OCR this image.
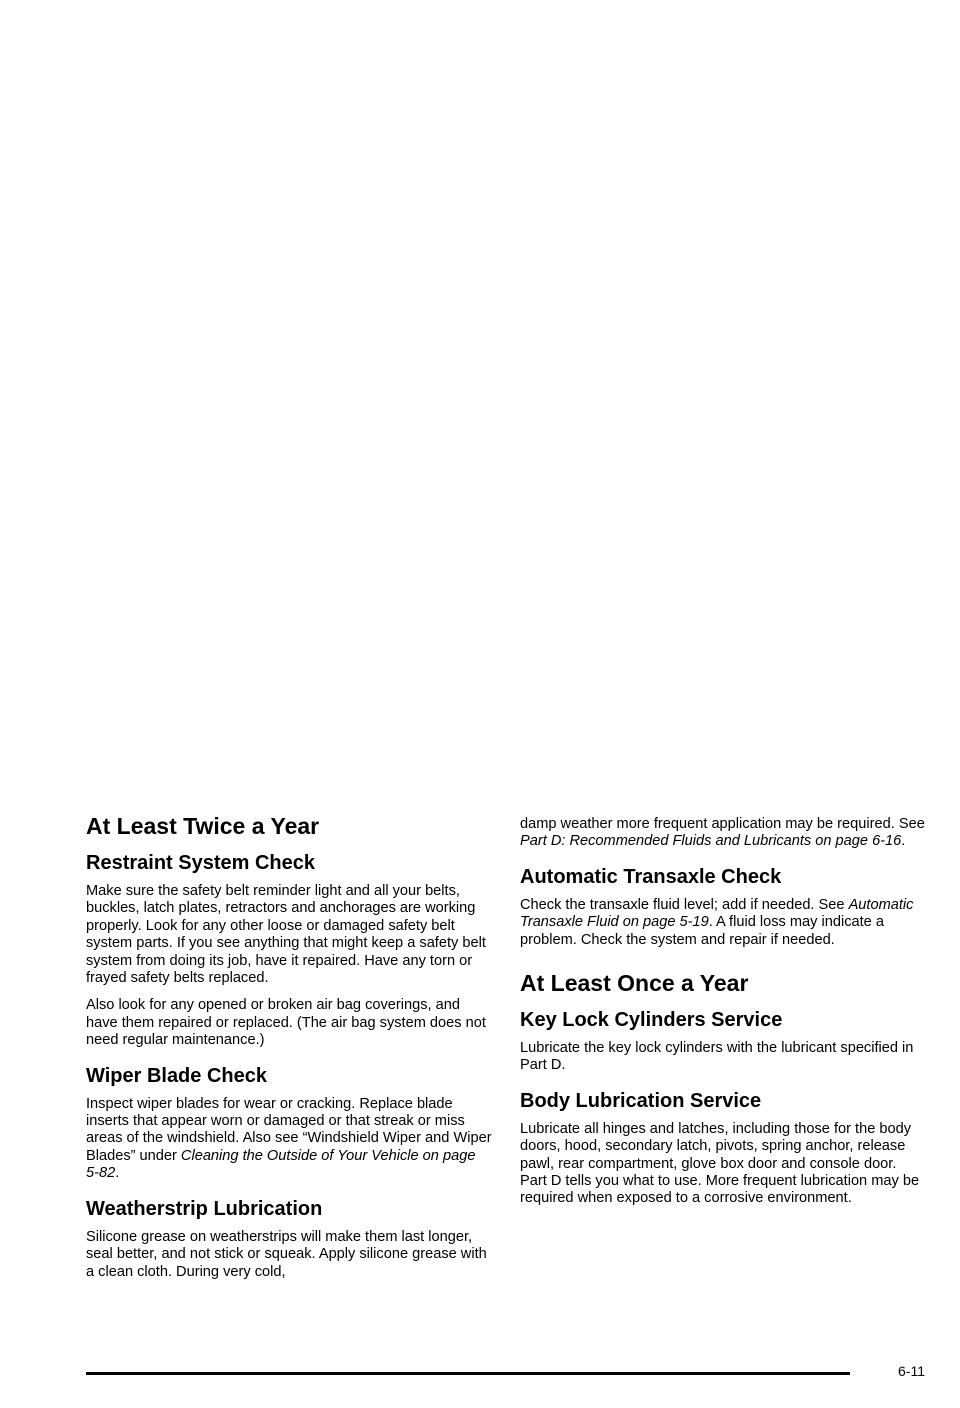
At Least Twice a Year
Restraint System Check

Make sure the safety belt reminder light and all your belts, buckles, latch plates, retractors and anchorages are working properly. Look for any other loose or damaged safety belt system parts. If you see anything that might keep a safety belt system from doing its job, have it repaired. Have any torn or frayed safety belts replaced.

Also look for any opened or broken air bag coverings, and have them repaired or replaced. (The air bag system does not need regular maintenance.)

Wiper Blade Check

Inspect wiper blades for wear or cracking. Replace blade inserts that appear worn or damaged or that streak or miss areas of the windshield. Also see “Windshield Wiper and Wiper Blades” under Cleaning the Outside of Your Vehicle on page 5-82.

Weatherstrip Lubrication

Silicone grease on weatherstrips will make them last longer, seal better, and not stick or squeak. Apply silicone grease with a clean cloth. During very cold,

damp weather more frequent application may be required. See Part D: Recommended Fluids and Lubricants on page 6-16.

Automatic Transaxle Check

Check the transaxle fluid level; add if needed. See Automatic Transaxle Fluid on page 5-19. A fluid loss may indicate a problem. Check the system and repair if needed.

At Least Once a Year
Key Lock Cylinders Service

Lubricate the key lock cylinders with the lubricant specified in Part D.

Body Lubrication Service

Lubricate all hinges and latches, including those for the body doors, hood, secondary latch, pivots, spring anchor, release pawl, rear compartment, glove box door and console door. Part D tells you what to use. More frequent lubrication may be required when exposed to a corrosive environment.

6-11
